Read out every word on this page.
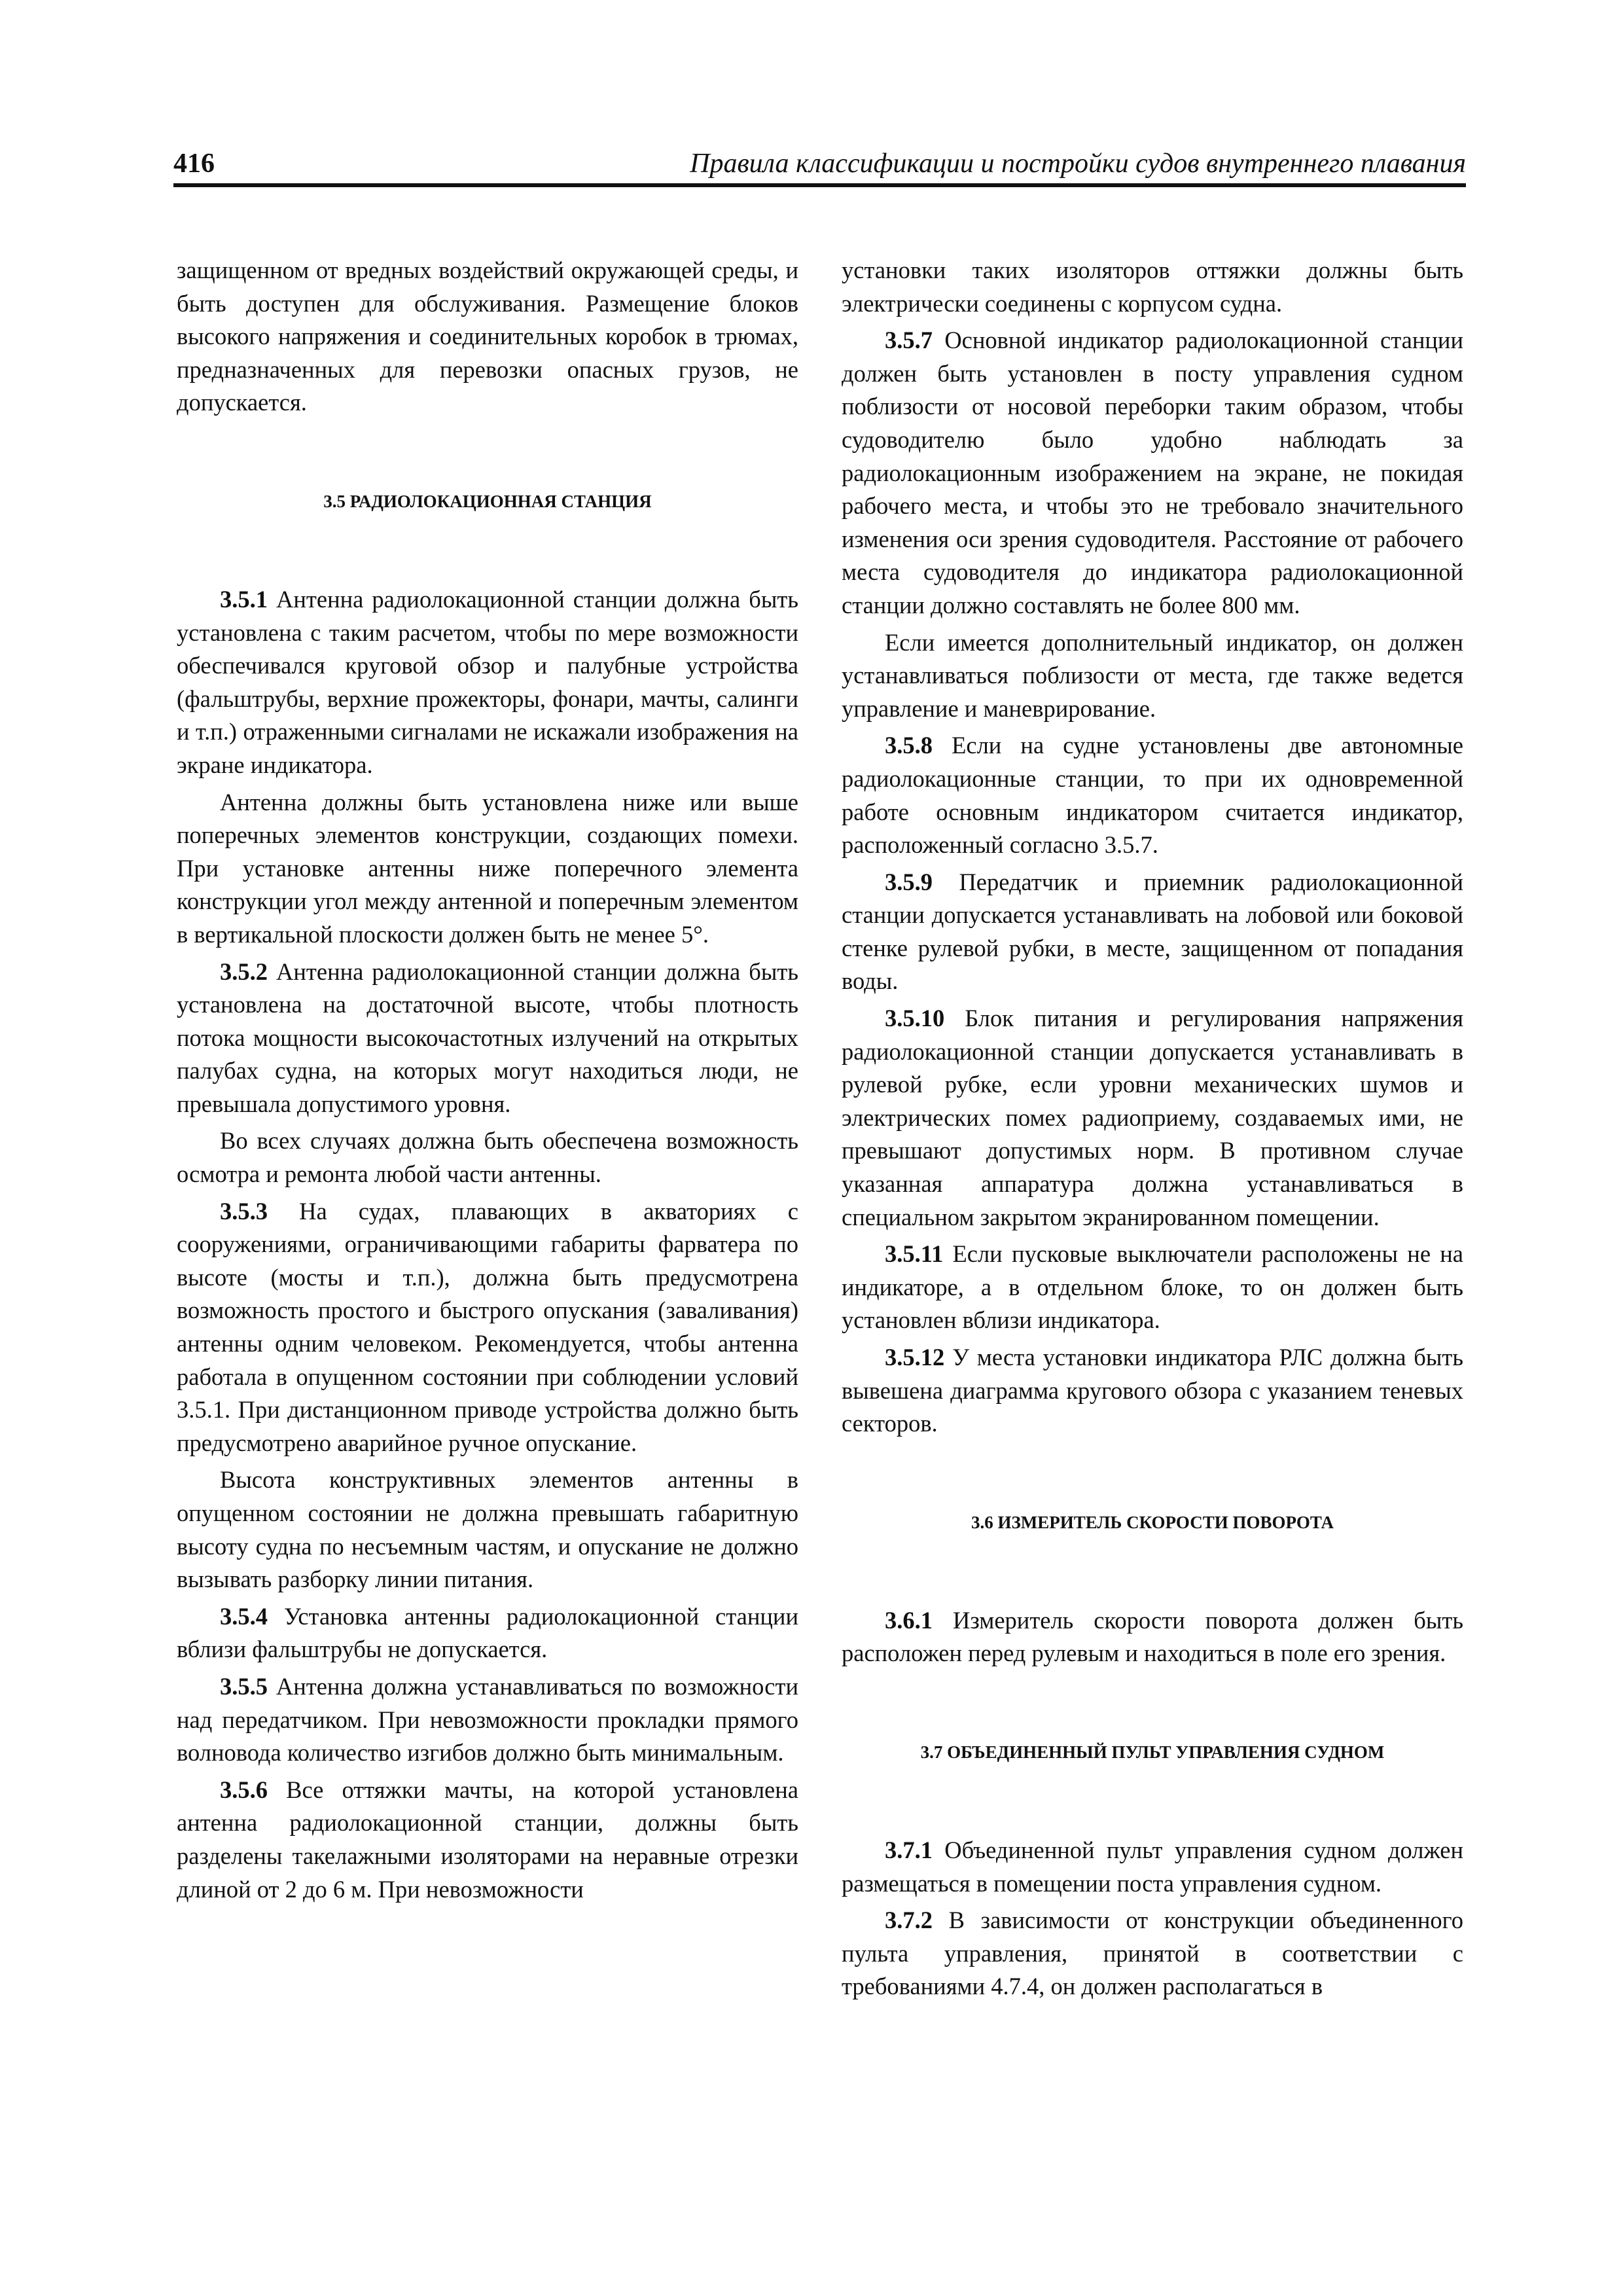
416	Правила классификации и постройки судов внутреннего плавания

защищенном от вредных воздействий окружающей среды, и быть доступен для обслуживания. Размещение блоков высокого напряжения и соединительных коробок в трюмах, предназначенных для перевозки опасных грузов, не допускается.

3.5 РАДИОЛОКАЦИОННАЯ СТАНЦИЯ

3.5.1 Антенна радиолокационной станции должна быть установлена с таким расчетом, чтобы по мере возможности обеспечивался круговой обзор и палубные устройства (фальштрубы, верхние прожекторы, фонари, мачты, салинги и т.п.) отраженными сигналами не искажали изображения на экране индикатора.

Антенна должны быть установлена ниже или выше поперечных элементов конструкции, создающих помехи. При установке антенны ниже поперечного элемента конструкции угол между антенной и поперечным элементом в вертикальной плоскости должен быть не менее 5°.

3.5.2 Антенна радиолокационной станции должна быть установлена на достаточной высоте, чтобы плотность потока мощности высокочастотных излучений на открытых палубах судна, на которых могут находиться люди, не превышала допустимого уровня.

Во всех случаях должна быть обеспечена возможность осмотра и ремонта любой части антенны.

3.5.3 На судах, плавающих в акваториях с сооружениями, ограничивающими габариты фарватера по высоте (мосты и т.п.), должна быть предусмотрена возможность простого и быстрого опускания (заваливания) антенны одним человеком. Рекомендуется, чтобы антенна работала в опущенном состоянии при соблюдении условий 3.5.1. При дистанционном приводе устройства должно быть предусмотрено аварийное ручное опускание.

Высота конструктивных элементов антенны в опущенном состоянии не должна превышать габаритную высоту судна по несъемным частям, и опускание не должно вызывать разборку линии питания.

3.5.4 Установка антенны радиолокационной станции вблизи фальштрубы не допускается.

3.5.5 Антенна должна устанавливаться по возможности над передатчиком. При невозможности прокладки прямого волновода количество изгибов должно быть минимальным.

3.5.6 Все оттяжки мачты, на которой установлена антенна радиолокационной станции, должны быть разделены такелажными изоляторами на неравные отрезки длиной от 2 до 6 м. При невозможности

установки таких изоляторов оттяжки должны быть электрически соединены с корпусом судна.

3.5.7 Основной индикатор радиолокационной станции должен быть установлен в посту управления судном поблизости от носовой переборки таким образом, чтобы судоводителю было удобно наблюдать за радиолокационным изображением на экране, не покидая рабочего места, и чтобы это не требовало значительного изменения оси зрения судоводителя. Расстояние от рабочего места судоводителя до индикатора радиолокационной станции должно составлять не более 800 мм.

Если имеется дополнительный индикатор, он должен устанавливаться поблизости от места, где также ведется управление и маневрирование.

3.5.8 Если на судне установлены две автономные радиолокационные станции, то при их одновременной работе основным индикатором считается индикатор, расположенный согласно 3.5.7.

3.5.9 Передатчик и приемник радиолокационной станции допускается устанавливать на лобовой или боковой стенке рулевой рубки, в месте, защищенном от попадания воды.

3.5.10 Блок питания и регулирования напряжения радиолокационной станции допускается устанавливать в рулевой рубке, если уровни механических шумов и электрических помех радиоприему, создаваемых ими, не превышают допустимых норм. В противном случае указанная аппаратура должна устанавливаться в специальном закрытом экранированном помещении.

3.5.11 Если пусковые выключатели расположены не на индикаторе, а в отдельном блоке, то он должен быть установлен вблизи индикатора.

3.5.12 У места установки индикатора РЛС должна быть вывешена диаграмма кругового обзора с указанием теневых секторов.

3.6 ИЗМЕРИТЕЛЬ СКОРОСТИ ПОВОРОТА

3.6.1 Измеритель скорости поворота должен быть расположен перед рулевым и находиться в поле его зрения.

3.7 ОБЪЕДИНЕННЫЙ ПУЛЬТ УПРАВЛЕНИЯ СУДНОМ

3.7.1 Объединенной пульт управления судном должен размещаться в помещении поста управления судном.

3.7.2 В зависимости от конструкции объединенного пульта управления, принятой в соответствии с требованиями 4.7.4, он должен располагаться в
